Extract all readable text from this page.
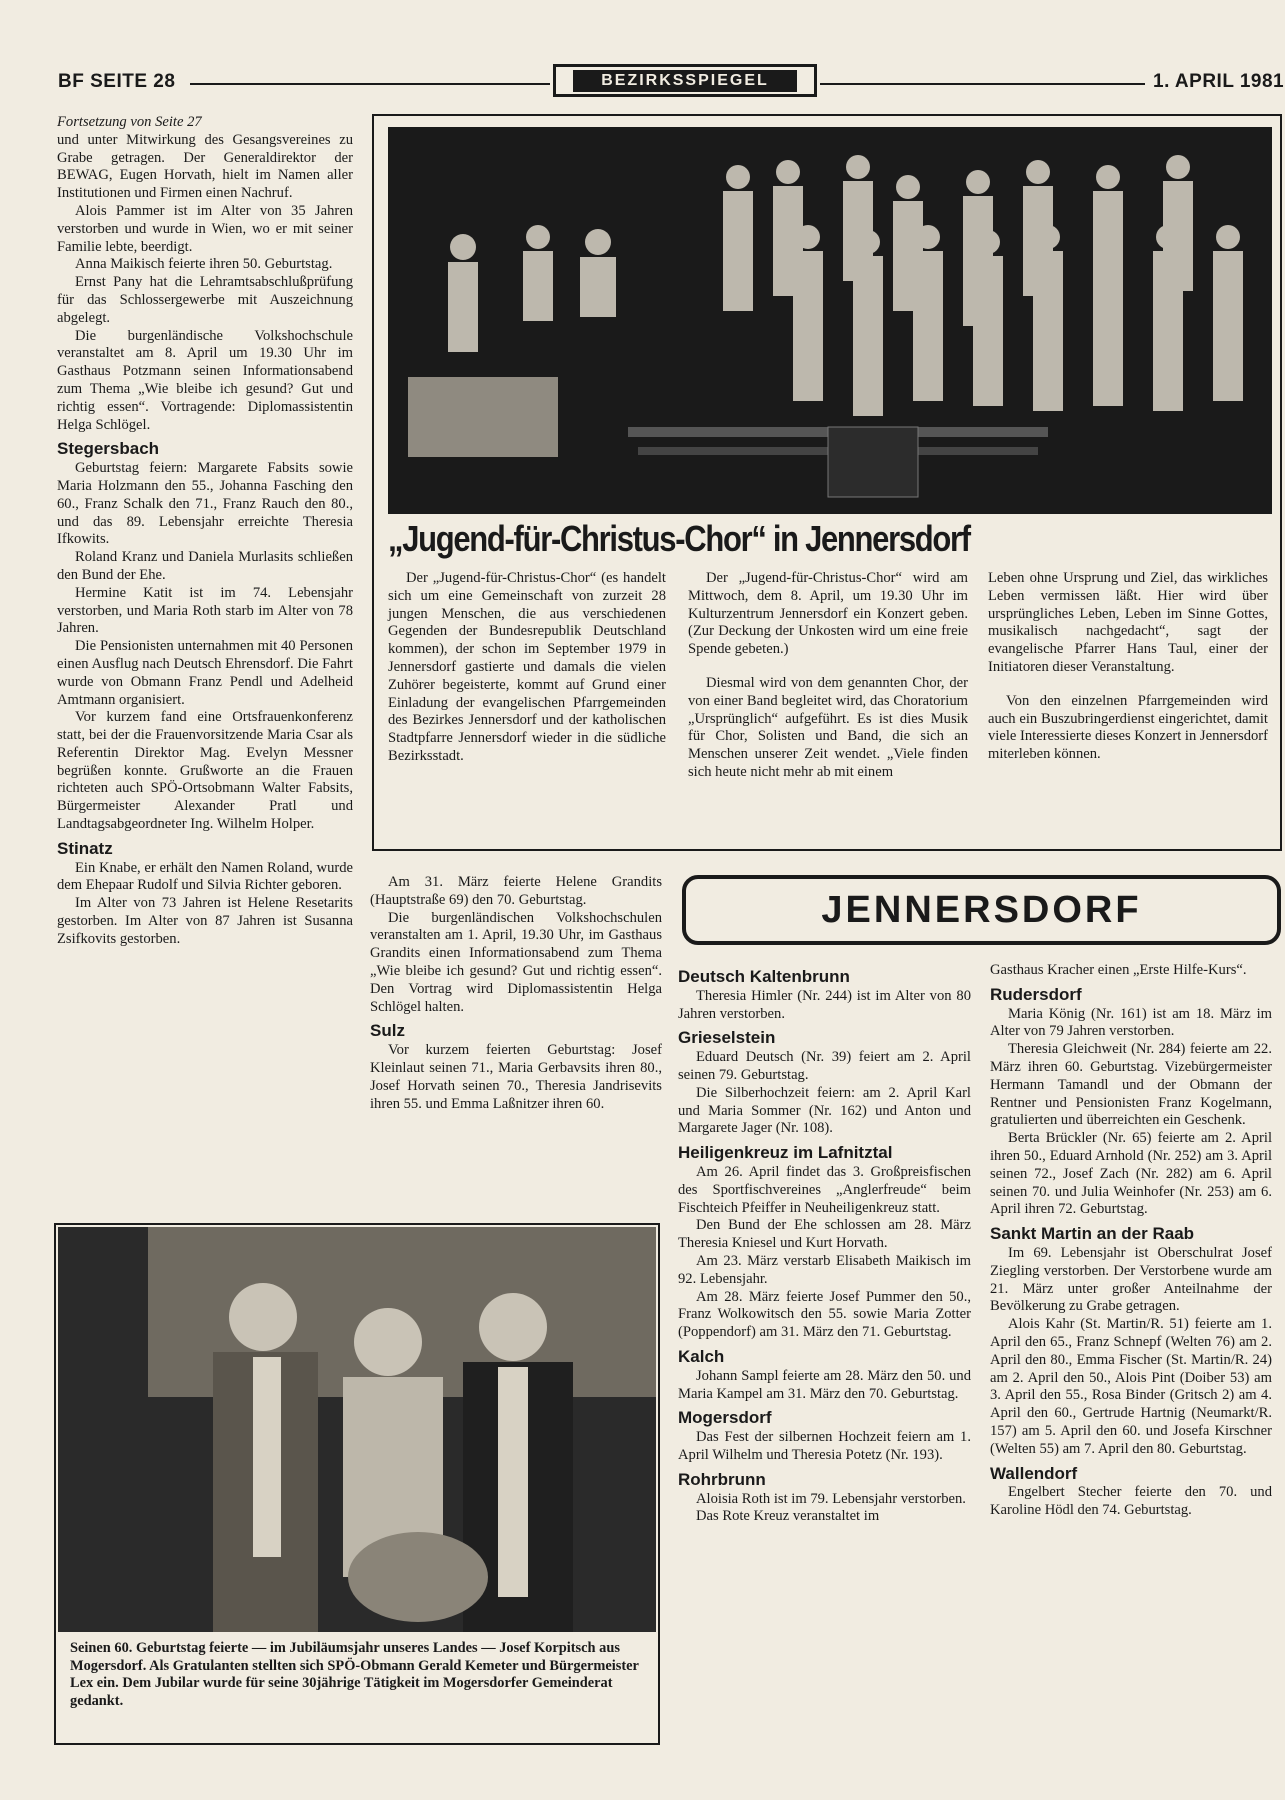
BF SEITE 28	BEZIRKSSPIEGEL	1. APRIL 1981

Fortsetzung von Seite 27

und unter Mitwirkung des Gesangsvereines zu Grabe getragen. Der Generaldirektor der BEWAG, Eugen Horvath, hielt im Namen aller Institutionen und Firmen einen Nachruf.

Alois Pammer ist im Alter von 35 Jahren verstorben und wurde in Wien, wo er mit seiner Familie lebte, beerdigt.

Anna Maikisch feierte ihren 50. Geburtstag.

Ernst Pany hat die Lehramtsabschlußprüfung für das Schlossergewerbe mit Auszeichnung abgelegt.

Die burgenländische Volkshochschule veranstaltet am 8. April um 19.30 Uhr im Gasthaus Potzmann seinen Informationsabend zum Thema „Wie bleibe ich gesund? Gut und richtig essen“. Vortragende: Diplomassistentin Helga Schlögel.

Stegersbach

Geburtstag feiern: Margarete Fabsits sowie Maria Holzmann den 55., Johanna Fasching den 60., Franz Schalk den 71., Franz Rauch den 80., und das 89. Lebensjahr erreichte Theresia Ifkowits.

Roland Kranz und Daniela Murlasits schließen den Bund der Ehe.

Hermine Katit ist im 74. Lebensjahr verstorben, und Maria Roth starb im Alter von 78 Jahren.

Die Pensionisten unternahmen mit 40 Personen einen Ausflug nach Deutsch Ehrensdorf. Die Fahrt wurde von Obmann Franz Pendl und Adelheid Amtmann organisiert.

Vor kurzem fand eine Ortsfrauenkonferenz statt, bei der die Frauenvorsitzende Maria Csar als Referentin Direktor Mag. Evelyn Messner begrüßen konnte. Grußworte an die Frauen richteten auch SPÖ-Ortsobmann Walter Fabsits, Bürgermeister Alexander Pratl und Landtagsabgeordneter Ing. Wilhelm Holper.

Stinatz

Ein Knabe, er erhält den Namen Roland, wurde dem Ehepaar Rudolf und Silvia Richter geboren.

Im Alter von 73 Jahren ist Helene Resetarits gestorben. Im Alter von 87 Jahren ist Susanna Zsifkovits gestorben.

„Jugend-für-Christus-Chor“ in Jennersdorf

Der „Jugend-für-Christus-Chor“ (es handelt sich um eine Gemeinschaft von zurzeit 28 jungen Menschen, die aus verschiedenen Gegenden der Bundesrepublik Deutschland kommen), der schon im September 1979 in Jennersdorf gastierte und damals die vielen Zuhörer begeisterte, kommt auf Grund einer Einladung der evangelischen Pfarrgemeinden des Bezirkes Jennersdorf und der katholischen Stadtpfarre Jennersdorf wieder in die südliche Bezirksstadt.

Der „Jugend-für-Christus-Chor“ wird am Mittwoch, dem 8. April, um 19.30 Uhr im Kulturzentrum Jennersdorf ein Konzert geben. (Zur Deckung der Unkosten wird um eine freie Spende gebeten.)

Diesmal wird von dem genannten Chor, der von einer Band begleitet wird, das Choratorium „Ursprünglich“ aufgeführt. Es ist dies Musik für Chor, Solisten und Band, die sich an Menschen unserer Zeit wendet. „Viele finden sich heute nicht mehr ab mit einem

Leben ohne Ursprung und Ziel, das wirkliches Leben vermissen läßt. Hier wird über ursprüngliches Leben, Leben im Sinne Gottes, musikalisch nachgedacht“, sagt der evangelische Pfarrer Hans Taul, einer der Initiatoren dieser Veranstaltung.

Von den einzelnen Pfarrgemeinden wird auch ein Buszubringerdienst eingerichtet, damit viele Interessierte dieses Konzert in Jennersdorf miterleben können.

Am 31. März feierte Helene Grandits (Hauptstraße 69) den 70. Geburtstag.

Die burgenländischen Volkshochschulen veranstalten am 1. April, 19.30 Uhr, im Gasthaus Grandits einen Informationsabend zum Thema „Wie bleibe ich gesund? Gut und richtig essen“. Den Vortrag wird Diplomassistentin Helga Schlögel halten.

Sulz

Vor kurzem feierten Geburtstag: Josef Kleinlaut seinen 71., Maria Gerbavsits ihren 80., Josef Horvath seinen 70., Theresia Jandrisevits ihren 55. und Emma Laßnitzer ihren 60.

Seinen 60. Geburtstag feierte — im Jubiläumsjahr unseres Landes — Josef Korpitsch aus Mogersdorf. Als Gratulanten stellten sich SPÖ-Obmann Gerald Kemeter und Bürgermeister Lex ein. Dem Jubilar wurde für seine 30jährige Tätigkeit im Mogersdorfer Gemeinderat gedankt.
JENNERSDORF
Deutsch Kaltenbrunn

Theresia Himler (Nr. 244) ist im Alter von 80 Jahren verstorben.

Grieselstein

Eduard Deutsch (Nr. 39) feiert am 2. April seinen 79. Geburtstag.

Die Silberhochzeit feiern: am 2. April Karl und Maria Sommer (Nr. 162) und Anton und Margarete Jager (Nr. 108).

Heiligenkreuz im Lafnitztal

Am 26. April findet das 3. Großpreisfischen des Sportfischvereines „Anglerfreude“ beim Fischteich Pfeiffer in Neuheiligenkreuz statt.

Den Bund der Ehe schlossen am 28. März Theresia Kniesel und Kurt Horvath.

Am 23. März verstarb Elisabeth Maikisch im 92. Lebensjahr.

Am 28. März feierte Josef Pummer den 50., Franz Wolkowitsch den 55. sowie Maria Zotter (Poppendorf) am 31. März den 71. Geburtstag.

Kalch

Johann Sampl feierte am 28. März den 50. und Maria Kampel am 31. März den 70. Geburtstag.

Mogersdorf

Das Fest der silbernen Hochzeit feiern am 1. April Wilhelm und Theresia Potetz (Nr. 193).

Rohrbrunn

Aloisia Roth ist im 79. Lebensjahr verstorben.

Das Rote Kreuz veranstaltet im

Gasthaus Kracher einen „Erste Hilfe-Kurs“.

Rudersdorf

Maria König (Nr. 161) ist am 18. März im Alter von 79 Jahren verstorben.

Theresia Gleichweit (Nr. 284) feierte am 22. März ihren 60. Geburtstag. Vizebürgermeister Hermann Tamandl und der Obmann der Rentner und Pensionisten Franz Kogelmann, gratulierten und überreichten ein Geschenk.

Berta Brückler (Nr. 65) feierte am 2. April ihren 50., Eduard Arnhold (Nr. 252) am 3. April seinen 72., Josef Zach (Nr. 282) am 6. April seinen 70. und Julia Weinhofer (Nr. 253) am 6. April ihren 72. Geburtstag.

Sankt Martin an der Raab

Im 69. Lebensjahr ist Oberschulrat Josef Ziegling verstorben. Der Verstorbene wurde am 21. März unter großer Anteilnahme der Bevölkerung zu Grabe getragen.

Alois Kahr (St. Martin/R. 51) feierte am 1. April den 65., Franz Schnepf (Welten 76) am 2. April den 80., Emma Fischer (St. Martin/R. 24) am 2. April den 50., Alois Pint (Doiber 53) am 3. April den 55., Rosa Binder (Gritsch 2) am 4. April den 60., Gertrude Hartnig (Neumarkt/R. 157) am 5. April den 60. und Josefa Kirschner (Welten 55) am 7. April den 80. Geburtstag.

Wallendorf

Engelbert Stecher feierte den 70. und Karoline Hödl den 74. Geburtstag.
